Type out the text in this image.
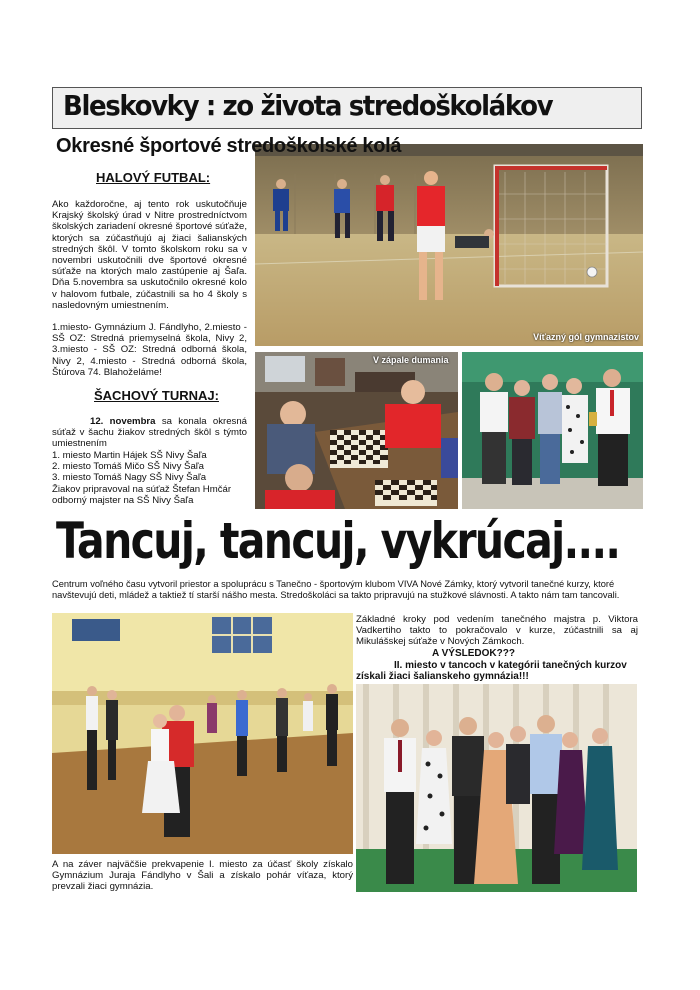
Bleskovky : zo života stredoškolákov
Okresné športové stredoškolské kolá
Víťazný gól gymnazistov
HALOVÝ FUTBAL:

Ako každoročne, aj tento rok uskutočňuje Krajský školský úrad v Nitre prostredníctvom školských zariadení okresné športové súťaže, ktorých sa zúčastňujú aj žiaci šalianských stredných škôl. V tomto školskom roku sa v novembri uskutočnili dve športové okresné súťaže na ktorých malo zastúpenie aj Šaľa. Dňa 5.novembra sa uskutočnilo okresné kolo v halovom futbale, zúčastnili sa ho 4 školy s nasledovným umiestnením.

1.miesto- Gymnázium J. Fándlyho, 2.miesto - SŠ OZ: Stredná priemyselná škola, Nivy 2, 3.miesto - SŠ OZ: Stredná odborná škola, Nivy 2, 4.miesto - Stredná odborná škola, Štúrova 74. Blahoželáme!

ŠACHOVÝ TURNAJ:

12. novembra sa konala okresná súťaž v šachu žiakov stredných škôl s týmto umiestnením

1. miesto Martin Hájek SŠ Nivy Šaľa

2. miesto Tomáš Mičo SŠ Nivy Šaľa

3. miesto Tomáš Nagy SŠ Nivy Šaľa

Žiakov pripravoval na súťaž Štefan Hmčár odborný majster na SŠ Nivy Šaľa

V zápale dumania
Tancuj, tancuj, vykrúcaj....

Centrum voľného času vytvoril priestor a spoluprácu s Tanečno - športovým klubom VIVA Nové Zámky, ktorý vytvoril tanečné kurzy, ktoré navštevujú deti, mládež a taktiež tí starší nášho mesta. Stredoškoláci sa takto pripravujú na stužkové slávnosti. A takto nám tam tancovali.

Základné kroky pod vedením tanečného majstra p. Viktora Vadkertiho takto to pokračovalo v kurze, zúčastnili sa aj Mikulášskej súťaže v Nových Zámkoch.

A VÝSLEDOK???

II. miesto v tancoch v kategórii tanečných kurzov získali žiaci šalianskeho gymnázia!!!

A na záver najväčšie prekvapenie I. miesto za účasť školy získalo Gymnázium Juraja Fándlyho v Šali a získalo pohár víťaza, ktorý prevzali žiaci gymnázia.
